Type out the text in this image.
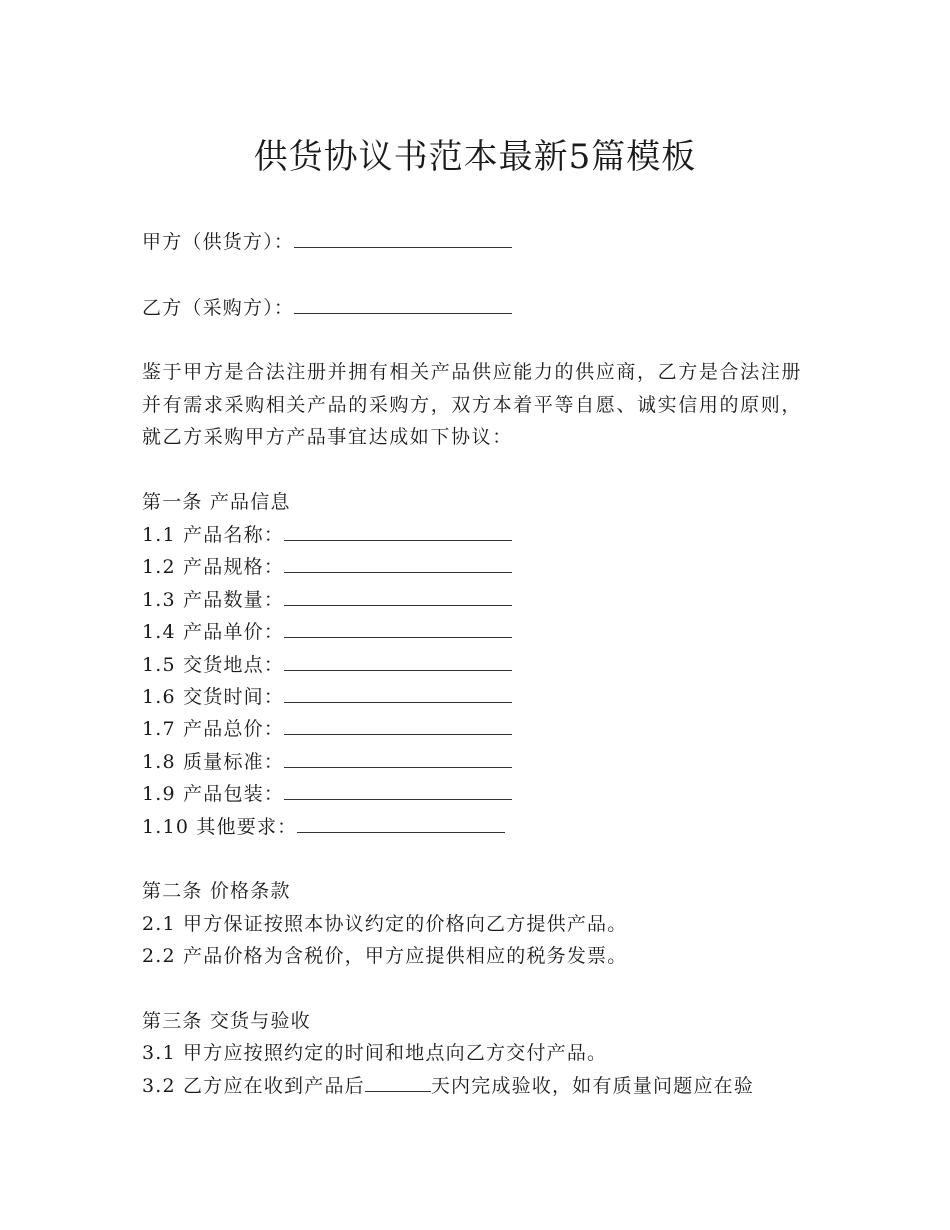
供货协议书范本最新5篇模板
甲方（供货方）：
乙方（采购方）：
鉴于甲方是合法注册并拥有相关产品供应能力的供应商，乙方是合法注册并有需求采购相关产品的采购方，双方本着平等自愿、诚实信用的原则，就乙方采购甲方产品事宜达成如下协议：
第一条 产品信息
1.1 产品名称：
1.2 产品规格：
1.3 产品数量：
1.4 产品单价：
1.5 交货地点：
1.6 交货时间：
1.7 产品总价：
1.8 质量标准：
1.9 产品包装：
1.10 其他要求：
第二条 价格条款
2.1 甲方保证按照本协议约定的价格向乙方提供产品。
2.2 产品价格为含税价，甲方应提供相应的税务发票。
第三条 交货与验收
3.1 甲方应按照约定的时间和地点向乙方交付产品。
3.2 乙方应在收到产品后	天内完成验收，如有质量问题应在验
